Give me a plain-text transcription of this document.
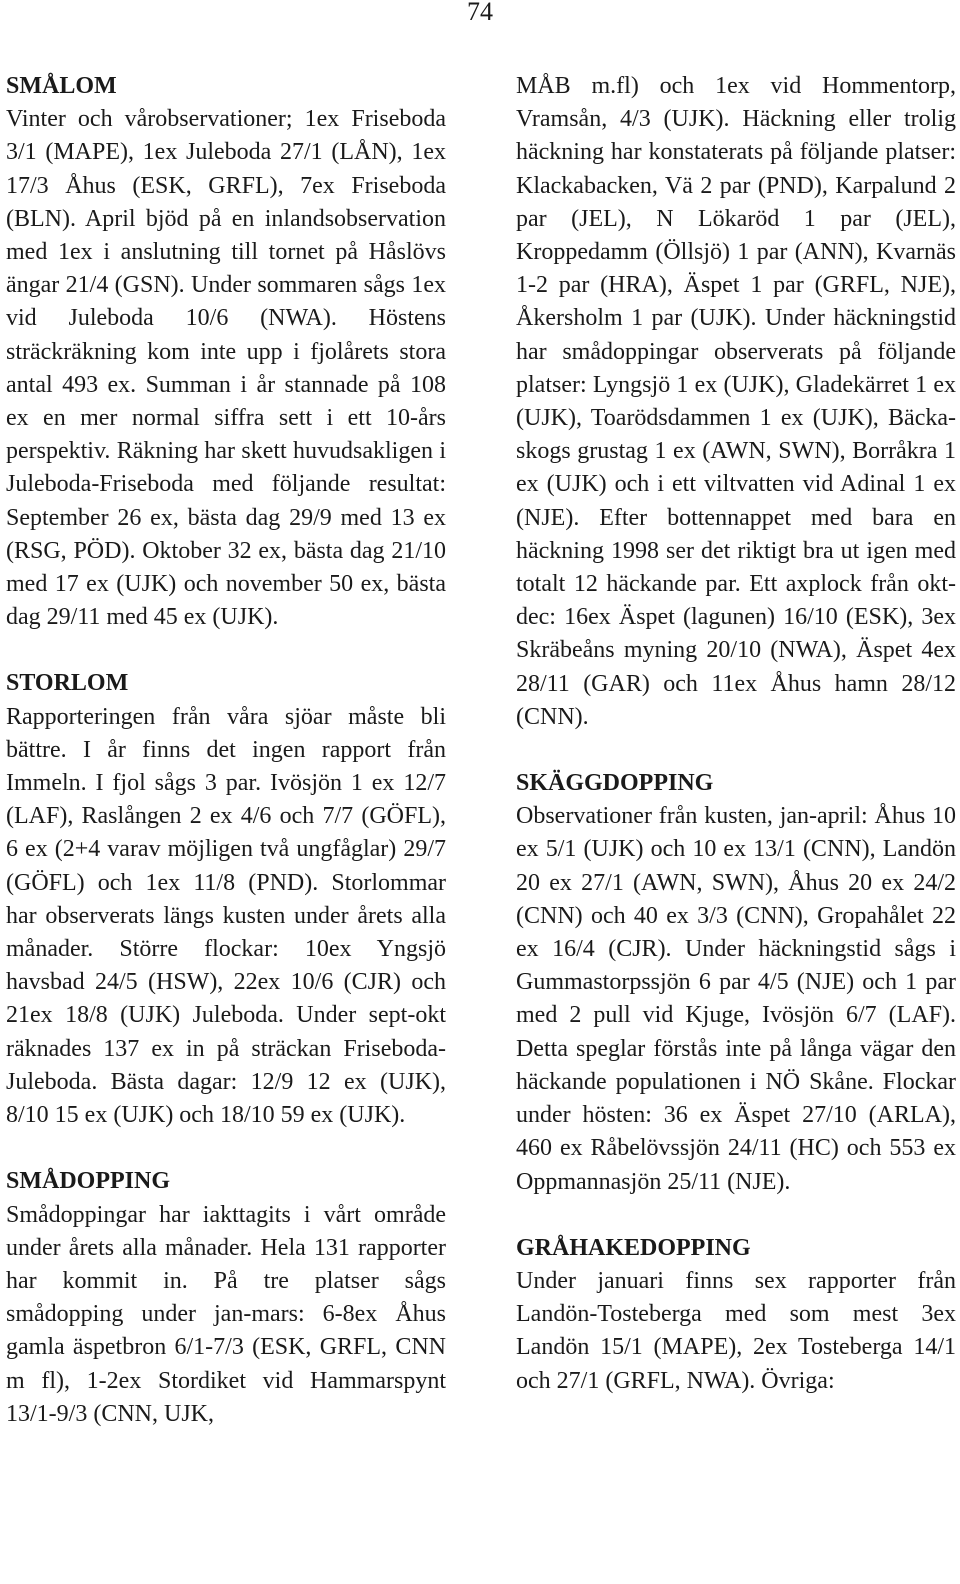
74

SMÅLOM

Vinter och vårobservationer; 1ex Friseboda 3/1 (MAPE), 1ex Juleboda 27/1 (LÅN), 1ex 17/3 Åhus (ESK, GRFL), 7ex Friseboda (BLN). April bjöd på en inlandsobservation med 1ex i anslutning till tornet på Håslövs ängar 21/4 (GSN). Under sommaren sågs 1ex vid Juleboda 10/6 (NWA). Höstens sträckräkning kom inte upp i fjolårets stora antal 493 ex. Summan i år stannade på 108 ex en mer normal siffra sett i ett 10-års perspektiv. Räkning har skett huvudsakligen i Juleboda-Friseboda med följande resultat: September 26 ex, bästa dag 29/9 med 13 ex (RSG, PÖD). Oktober 32 ex, bästa dag 21/10 med 17 ex (UJK) och november 50 ex, bästa dag 29/11 med 45 ex (UJK).

STORLOM

Rapporteringen från våra sjöar måste bli bättre. I år finns det ingen rapport från Immeln. I fjol sågs 3 par. Ivösjön 1 ex 12/7 (LAF), Raslången 2 ex 4/6 och 7/7 (GÖFL), 6 ex (2+4 varav möjligen två ungfåglar) 29/7 (GÖFL) och 1ex 11/8 (PND). Storlommar har observerats längs kusten under årets alla månader. Större flockar: 10ex Yngsjö havsbad 24/5 (HSW), 22ex 10/6 (CJR) och 21ex 18/8 (UJK) Juleboda. Under sept-okt räknades 137 ex in på sträckan Friseboda-Juleboda. Bästa dagar: 12/9 12 ex (UJK), 8/10 15 ex (UJK) och 18/10 59 ex (UJK).

SMÅDOPPING

Smådoppingar har iakttagits i vårt område under årets alla månader. Hela 131 rapporter har kommit in. På tre platser sågs smådopping under jan-mars: 6-8ex Åhus gamla äspetbron 6/1-7/3 (ESK, GRFL, CNN m fl), 1-2ex Stordiket vid Hammarspynt 13/1-9/3 (CNN, UJK,

MÅB m.fl) och 1ex vid Hommentorp, Vramsån, 4/3 (UJK). Häckning eller trolig häckning har konstaterats på följande platser: Klackabacken, Vä 2 par (PND), Karpalund 2 par (JEL), N Lökaröd 1 par (JEL), Kroppedamm (Öllsjö) 1 par (ANN), Kvarnäs 1-2 par (HRA), Äspet 1 par (GRFL, NJE), Åkersholm 1 par (UJK). Under häckningstid har smådoppingar observerats på följande platser: Lyngsjö 1 ex (UJK), Gladekärret 1 ex (UJK), Toarödsdammen 1 ex (UJK), Bäcka-skogs grustag 1 ex (AWN, SWN), Borråkra 1 ex (UJK) och i ett viltvatten vid Adinal 1 ex (NJE). Efter bottennappet med bara en häckning 1998 ser det riktigt bra ut igen med totalt 12 häckande par. Ett axplock från okt-dec: 16ex Äspet (lagunen) 16/10 (ESK), 3ex Skräbeåns myning 20/10 (NWA), Äspet 4ex 28/11 (GAR) och 11ex Åhus hamn 28/12 (CNN).

SKÄGGDOPPING

Observationer från kusten, jan-april: Åhus 10 ex 5/1 (UJK) och 10 ex 13/1 (CNN), Landön 20 ex 27/1 (AWN, SWN), Åhus 20 ex 24/2 (CNN) och 40 ex 3/3 (CNN), Gropahålet 22 ex 16/4 (CJR). Under häckningstid sågs i Gummastorpssjön 6 par 4/5 (NJE) och 1 par med 2 pull vid Kjuge, Ivösjön 6/7 (LAF). Detta speglar förstås inte på långa vägar den häckande populationen i NÖ Skåne. Flockar under hösten: 36 ex Äspet 27/10 (ARLA), 460 ex Råbelövssjön 24/11 (HC) och 553 ex Oppmannasjön 25/11 (NJE).

GRÅHAKEDOPPING

Under januari finns sex rapporter från Landön-Tosteberga med som mest 3ex Landön 15/1 (MAPE), 2ex Tosteberga 14/1 och 27/1 (GRFL, NWA). Övriga:
